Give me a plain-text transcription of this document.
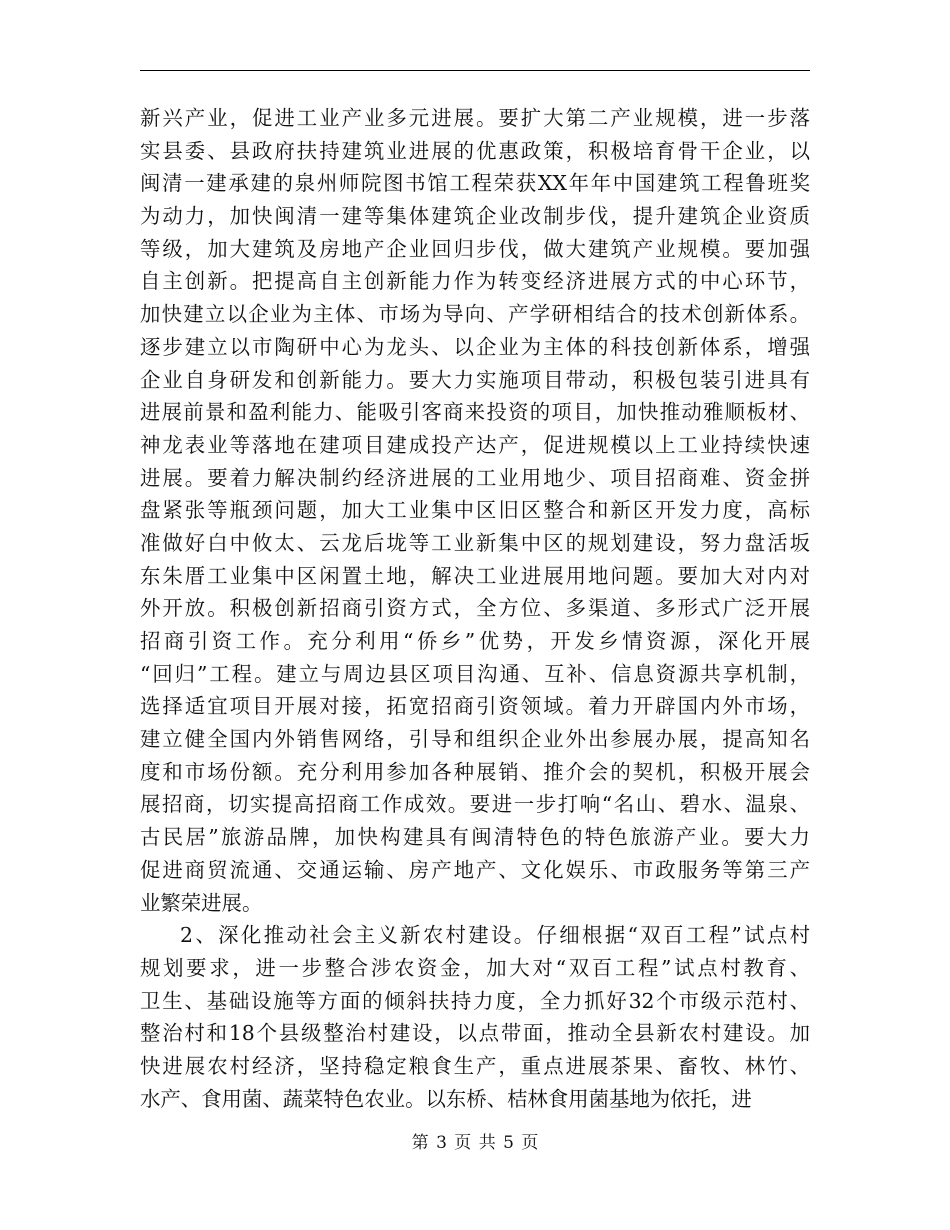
新兴产业，促进工业产业多元进展。要扩大第二产业规模，进一步落
实县委、县政府扶持建筑业进展的优惠政策，积极培育骨干企业，以
闽清一建承建的泉州师院图书馆工程荣获XX年年中国建筑工程鲁班奖
为动力，加快闽清一建等集体建筑企业改制步伐，提升建筑企业资质
等级，加大建筑及房地产企业回归步伐，做大建筑产业规模。要加强
自主创新。把提高自主创新能力作为转变经济进展方式的中心环节，
加快建立以企业为主体、市场为导向、产学研相结合的技术创新体系。
逐步建立以市陶研中心为龙头、以企业为主体的科技创新体系，增强
企业自身研发和创新能力。要大力实施项目带动，积极包装引进具有
进展前景和盈利能力、能吸引客商来投资的项目，加快推动雅顺板材、
神龙表业等落地在建项目建成投产达产，促进规模以上工业持续快速
进展。要着力解决制约经济进展的工业用地少、项目招商难、资金拼
盘紧张等瓶颈问题，加大工业集中区旧区整合和新区开发力度，高标
准做好白中攸太、云龙后垅等工业新集中区的规划建设，努力盘活坂
东朱厝工业集中区闲置土地，解决工业进展用地问题。要加大对内对
外开放。积极创新招商引资方式，全方位、多渠道、多形式广泛开展
招商引资工作。充分利用“侨乡”优势，开发乡情资源，深化开展
“回归”工程。建立与周边县区项目沟通、互补、信息资源共享机制，
选择适宜项目开展对接，拓宽招商引资领域。着力开辟国内外市场，
建立健全国内外销售网络，引导和组织企业外出参展办展，提高知名
度和市场份额。充分利用参加各种展销、推介会的契机，积极开展会
展招商，切实提高招商工作成效。要进一步打响“名山、碧水、温泉、
古民居”旅游品牌，加快构建具有闽清特色的特色旅游产业。要大力
促进商贸流通、交通运输、房产地产、文化娱乐、市政服务等第三产
业繁荣进展。
2、深化推动社会主义新农村建设。仔细根据“双百工程”试点村
规划要求，进一步整合涉农资金，加大对“双百工程”试点村教育、
卫生、基础设施等方面的倾斜扶持力度，全力抓好32个市级示范村、
整治村和18个县级整治村建设，以点带面，推动全县新农村建设。加
快进展农村经济，坚持稳定粮食生产，重点进展茶果、畜牧、林竹、
水产、食用菌、蔬菜特色农业。以东桥、桔林食用菌基地为依托，进
第 3 页 共 5 页
